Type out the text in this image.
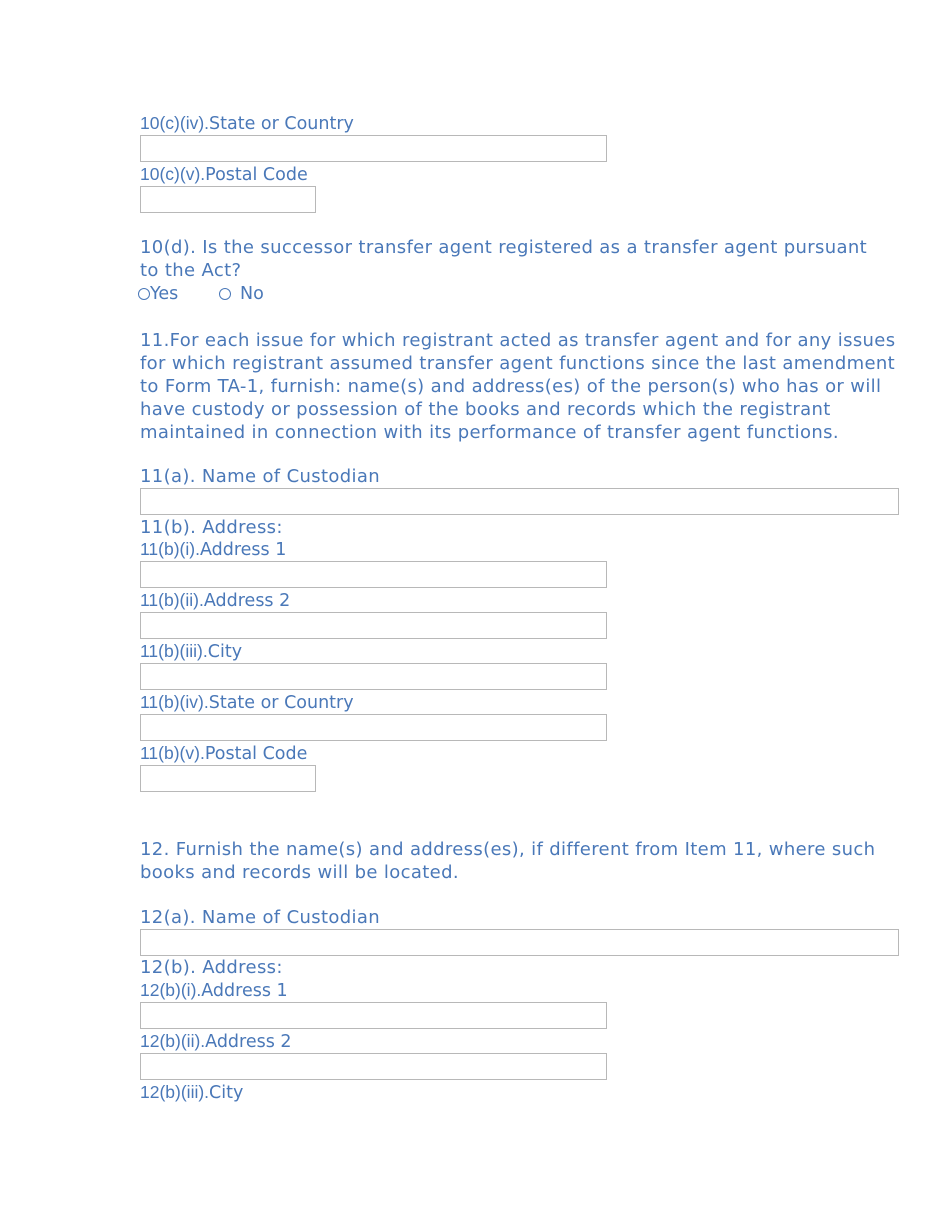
10(c)(iv).State or Country
10(c)(v).Postal Code
10(d). Is the successor transfer agent registered as a transfer agent pursuant
to the Act?
Yes	No
11.For each issue for which registrant acted as transfer agent and for any issues
for which registrant assumed transfer agent functions since the last amendment
to Form TA-1, furnish: name(s) and address(es) of the person(s) who has or will
have custody or possession of the books and records which the registrant
maintained in connection with its performance of transfer agent functions.
11(a). Name of Custodian
11(b). Address:
11(b)(i).Address 1
11(b)(ii).Address 2
11(b)(iii).City
11(b)(iv).State or Country
11(b)(v).Postal Code
12. Furnish the name(s) and address(es), if different from Item 11, where such
books and records will be located.
12(a). Name of Custodian
12(b). Address:
12(b)(i).Address 1
12(b)(ii).Address 2
12(b)(iii).City
